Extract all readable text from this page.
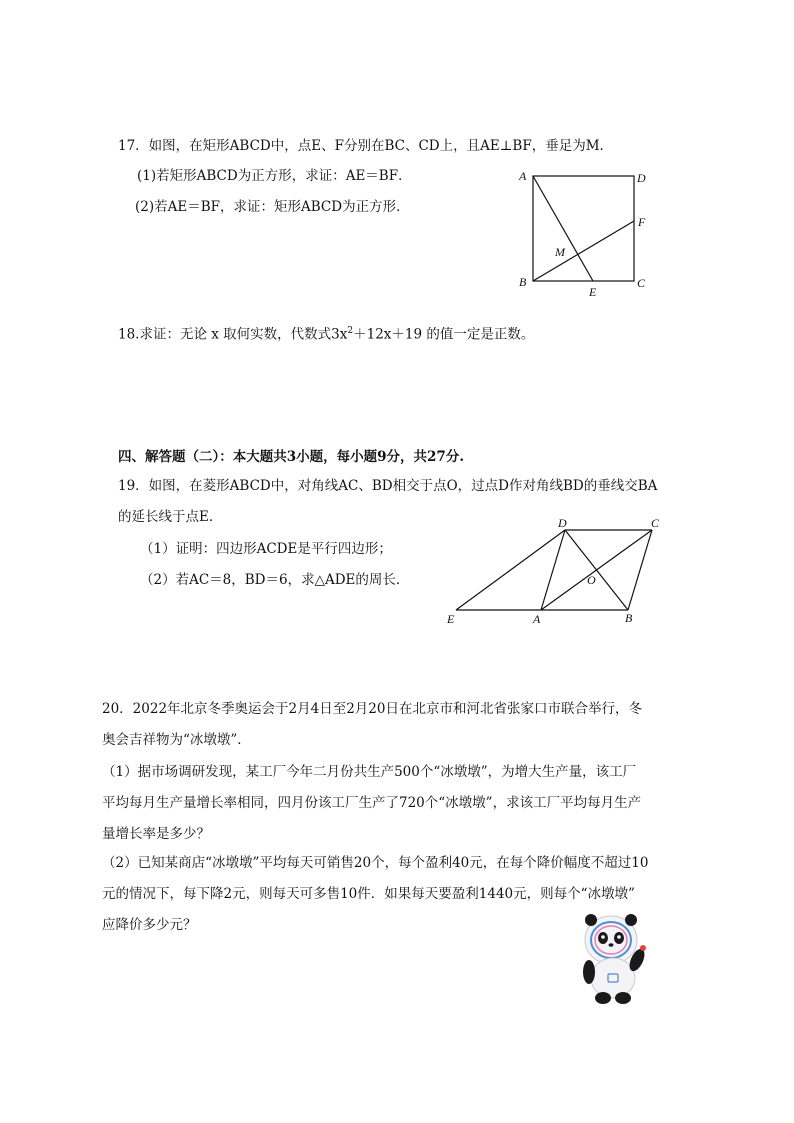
17．如图，在矩形ABCD中，点E、F分别在BC、CD上，且AE⊥BF，垂足为M．
(1)若矩形ABCD为正方形，求证：AE＝BF．
(2)若AE＝BF，求证：矩形ABCD为正方形．
A	D
F
M
B
E
C
18.求证：无论 x 取何实数，代数式$3x^2+12x+19$ 的值一定是正数。
四、解答题（二）：本大题共3小题，每小题9分，共27分.
19．如图，在菱形ABCD中，对角线AC、BD相交于点O，过点D作对角线BD的垂线交BA
的延长线于点E．
（1）证明：四边形ACDE是平行四边形；
（2）若AC＝8，BD＝6，求△ADE的周长．
D	C
O
E	A	B
20．2022年北京冬季奥运会于2月4日至2月20日在北京市和河北省张家口市联合举行，冬
奥会吉祥物为“冰墩墩”．
（1）据市场调研发现，某工厂今年二月份共生产500个“冰墩墩”，为增大生产量，该工厂
平均每月生产量增长率相同，四月份该工厂生产了720个“冰墩墩”，求该工厂平均每月生产
量增长率是多少？
（2）已知某商店“冰墩墩”平均每天可销售20个，每个盈利40元，在每个降价幅度不超过10
元的情况下，每下降2元，则每天可多售10件．如果每天要盈利1440元，则每个“冰墩墩”
应降价多少元？
